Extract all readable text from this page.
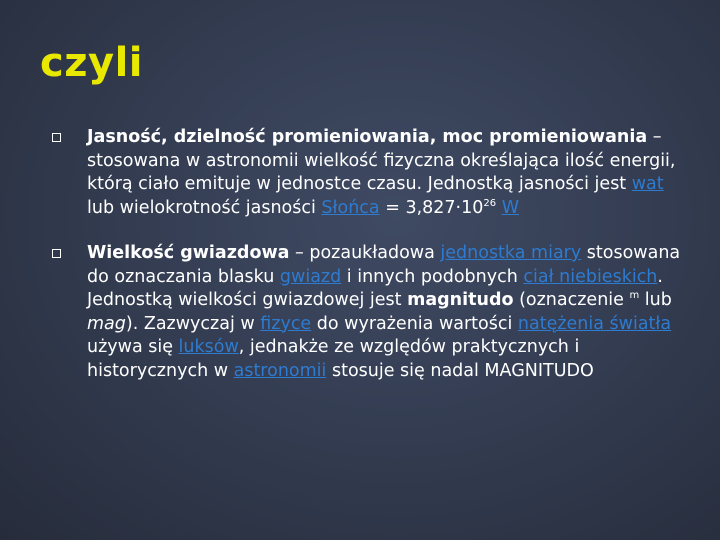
czyli
Jasność, dzielność promieniowania, moc promieniowania – stosowana w astronomii wielkość fizyczna określająca ilość energii, którą ciało emituje w jednostce czasu. Jednostką jasności jest wat lub wielokrotność jasności Słońca = $3,827\cdot 10^{26}$ W
Wielkość gwiazdowa – pozaukładowa jednostka miary stosowana do oznaczania blasku gwiazd i innych podobnych ciał niebieskich. Jednostką wielkości gwiazdowej jest magnitudo (oznaczenie $^m$ lub mag). Zazwyczaj w fizyce do wyrażenia wartości natężenia światła używa się luksów, jednakże ze względów praktycznych i historycznych w astronomii stosuje się nadal MAGNITUDO
